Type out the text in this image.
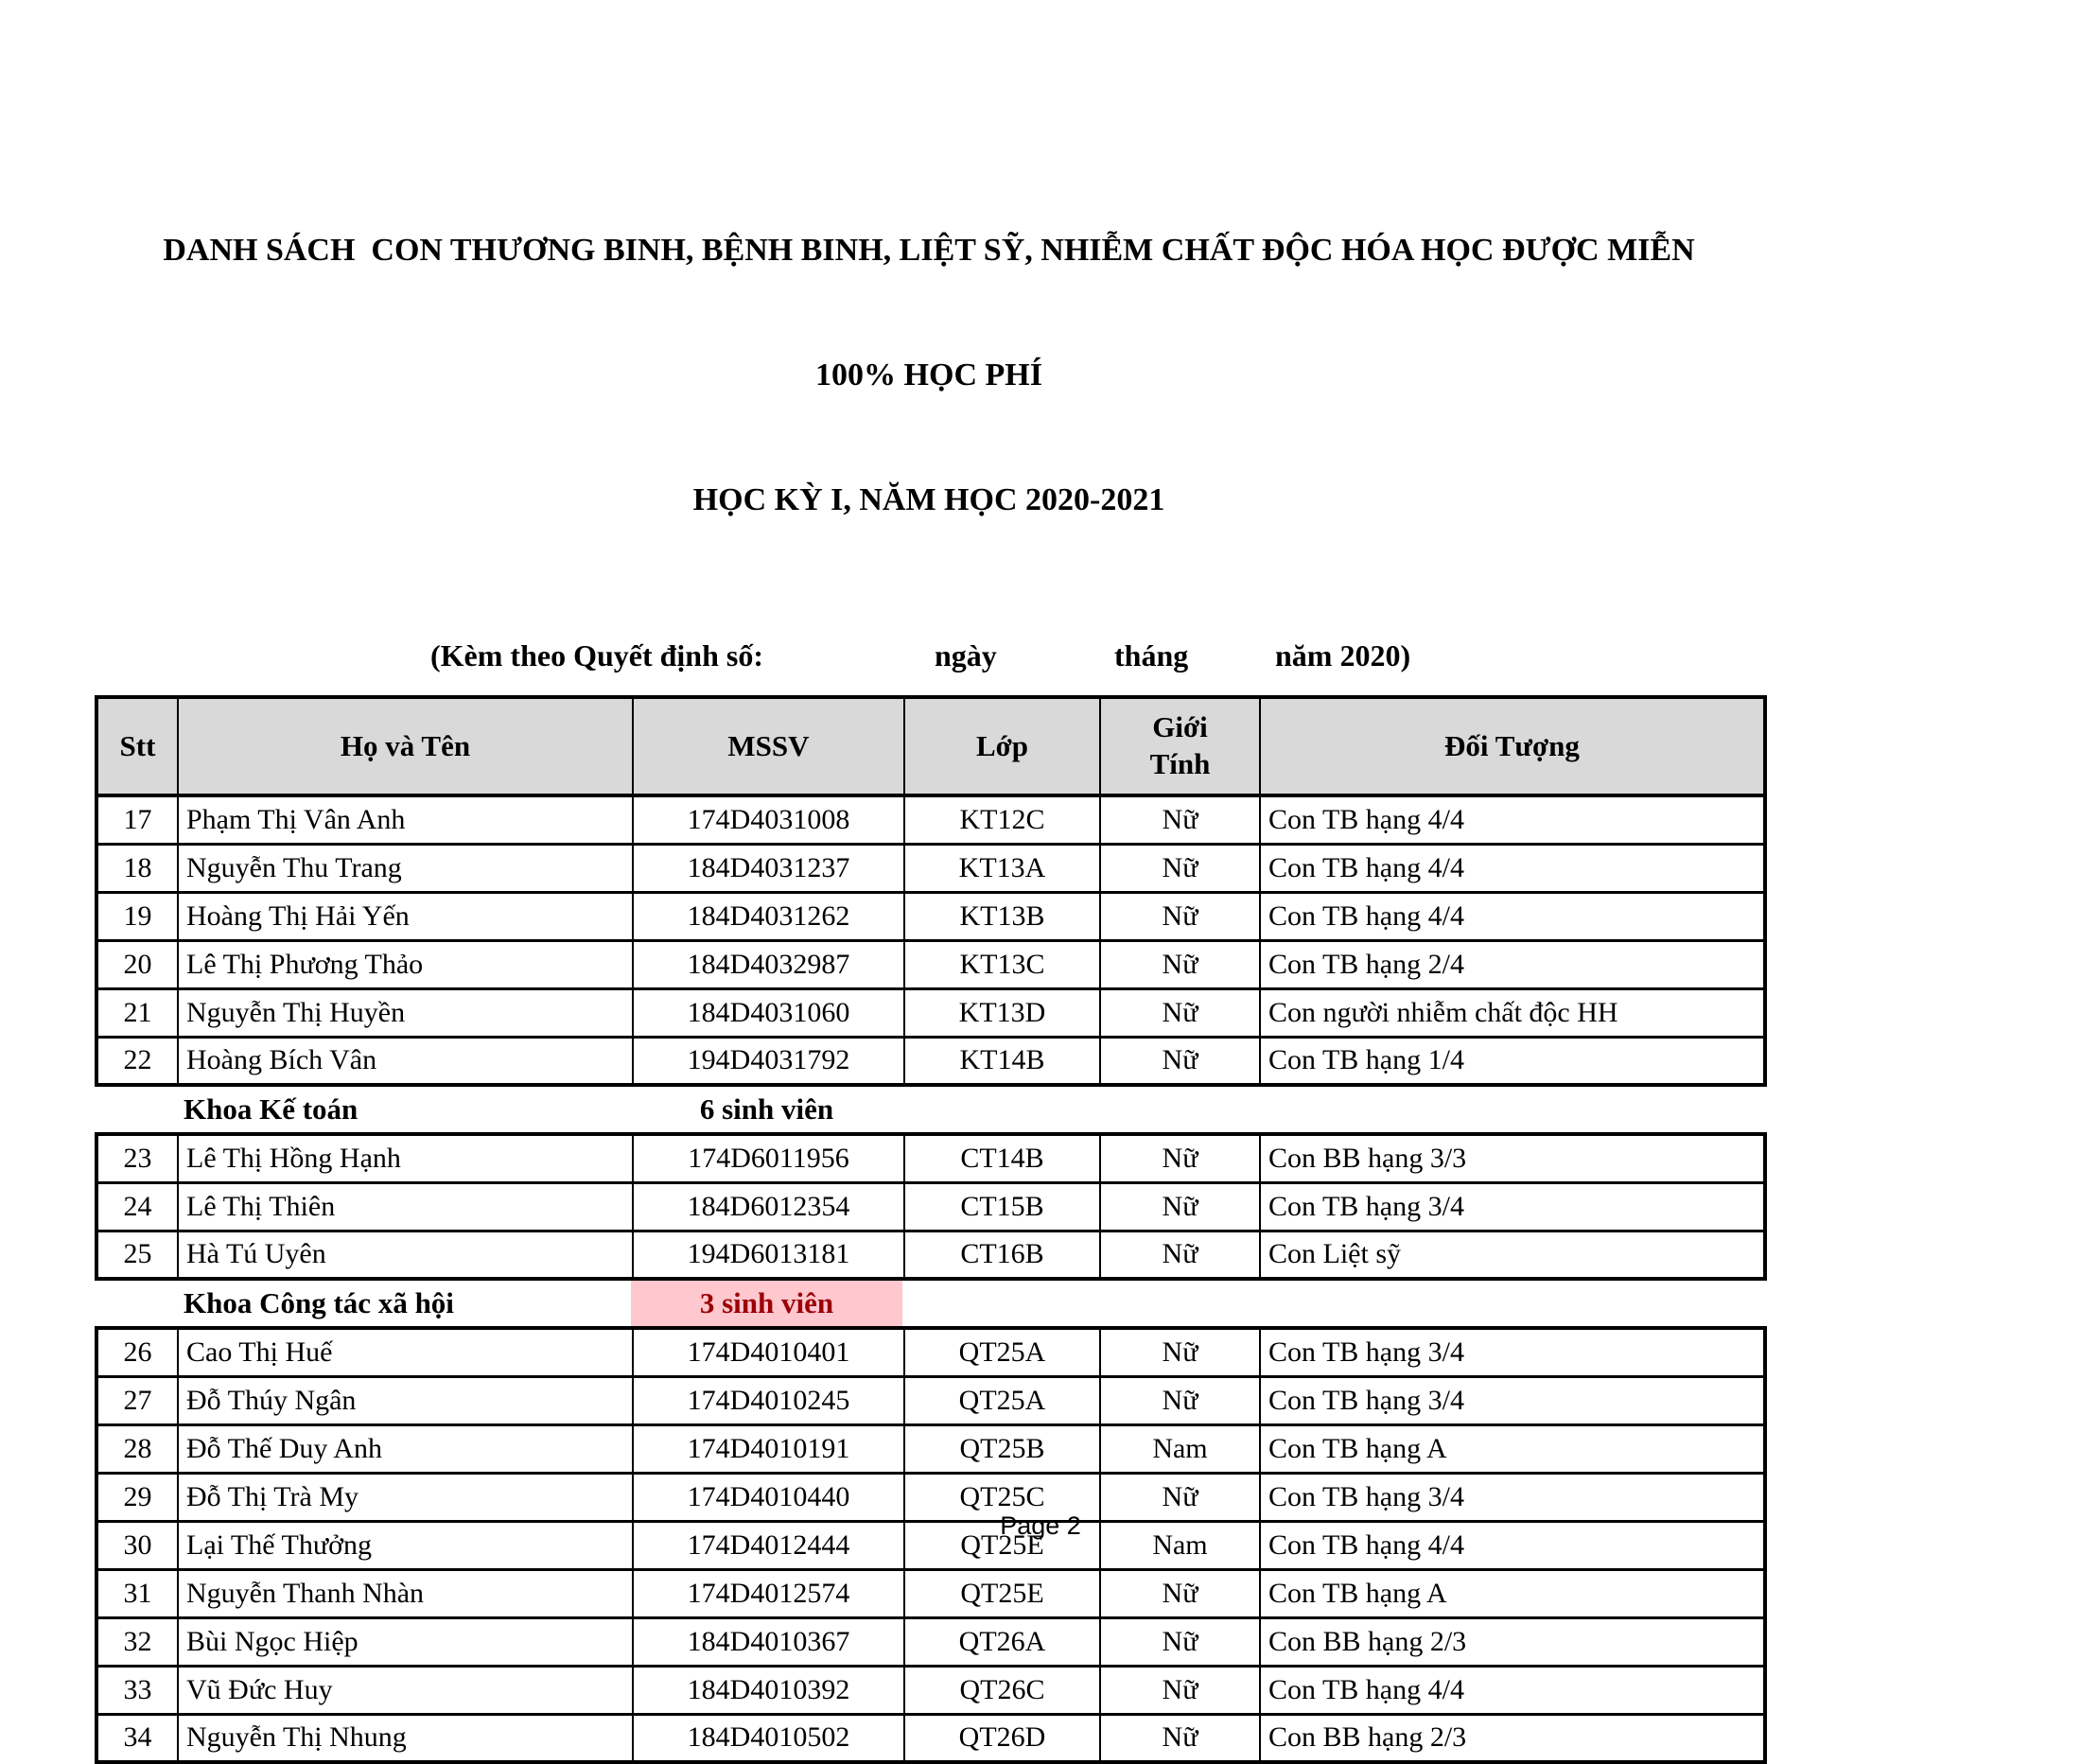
DANH SÁCH  CON THƯƠNG BINH, BỆNH BINH, LIỆT SỸ, NHIỄM CHẤT ĐỘC HÓA HỌC ĐƯỢC MIỄN

100% HỌC PHÍ

HỌC KỲ I, NĂM HỌC 2020-2021

(Kèm theo Quyết định số:	ngày	tháng	năm 2020)
Stt	Họ và Tên	MSSV	Lớp	Giới Tính	Đối Tượng
17	Phạm Thị Vân Anh	174D4031008	KT12C	Nữ	Con TB hạng 4/4
18	Nguyễn Thu Trang	184D4031237	KT13A	Nữ	Con TB hạng 4/4
19	Hoàng Thị Hải Yến	184D4031262	KT13B	Nữ	Con TB hạng 4/4
20	Lê Thị Phương Thảo	184D4032987	KT13C	Nữ	Con TB hạng 2/4
21	Nguyễn Thị Huyền	184D4031060	KT13D	Nữ	Con người nhiễm chất độc HH
22	Hoàng Bích Vân	194D4031792	KT14B	Nữ	Con TB hạng 1/4
Khoa Kế toán	6 sinh viên
23	Lê Thị Hồng Hạnh	174D6011956	CT14B	Nữ	Con BB hạng 3/3
24	Lê Thị Thiên	184D6012354	CT15B	Nữ	Con TB hạng 3/4
25	Hà Tú Uyên	194D6013181	CT16B	Nữ	Con Liệt sỹ
Khoa Công tác xã hội	3 sinh viên
26	Cao Thị Huế	174D4010401	QT25A	Nữ	Con TB hạng 3/4
27	Đỗ Thúy Ngân	174D4010245	QT25A	Nữ	Con TB hạng 3/4
28	Đỗ Thế Duy Anh	174D4010191	QT25B	Nam	Con TB hạng A
29	Đỗ Thị Trà My	174D4010440	QT25C	Nữ	Con TB hạng 3/4
30	Lại Thế Thưởng	174D4012444	QT25E	Nam	Con TB hạng 4/4
31	Nguyễn Thanh Nhàn	174D4012574	QT25E	Nữ	Con TB hạng A
32	Bùi Ngọc Hiệp	184D4010367	QT26A	Nữ	Con BB hạng 2/3
33	Vũ Đức Huy	184D4010392	QT26C	Nữ	Con TB hạng 4/4
34	Nguyễn Thị Nhung	184D4010502	QT26D	Nữ	Con BB hạng 2/3
Page 2
